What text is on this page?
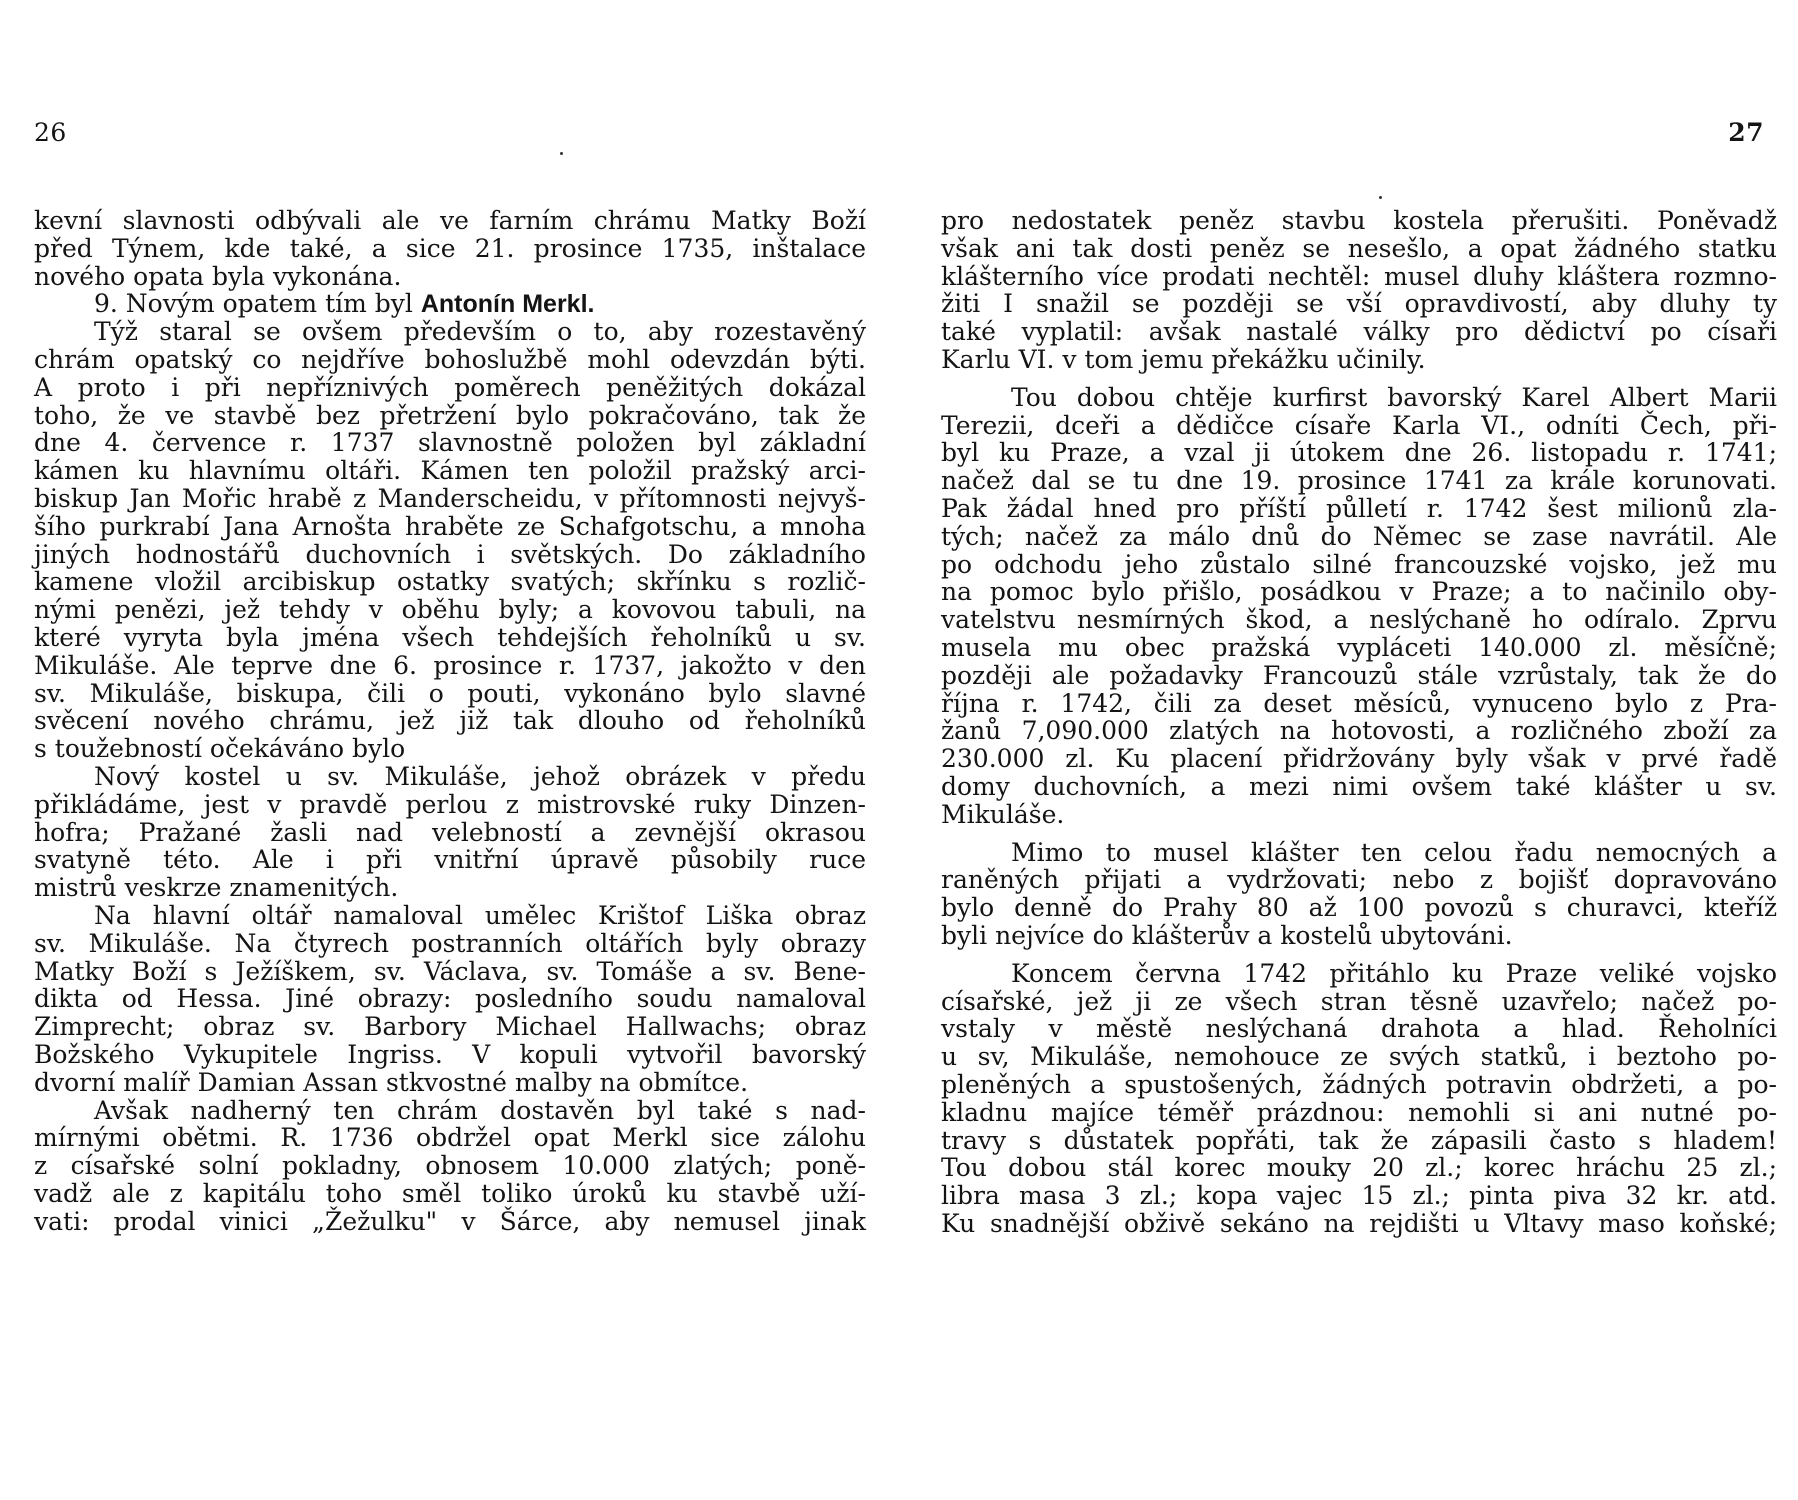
26
kevní slavnosti odbývali ale ve farním chrámu Matky Boží
před Týnem, kde také, a sice 21. prosince 1735, inštalace
nového opata byla vykonána.
9. Novým opatem tím byl Antonín Merkl.
Týž staral se ovšem především o to, aby rozestavěný
chrám opatský co nejdříve bohoslužbě mohl odevzdán býti.
A proto i při nepříznivých poměrech peněžitých dokázal
toho, že ve stavbě bez přetržení bylo pokračováno, tak že
dne 4. července r. 1737 slavnostně položen byl základní
kámen ku hlavnímu oltáři. Kámen ten položil pražský arci-
biskup Jan Mořic hrabě z Manderscheidu, v přítomnosti nejvyš-
šího purkrabí Jana Arnošta hraběte ze Schafgotschu, a mnoha
jiných hodnostářů duchovních i světských. Do základního
kamene vložil arcibiskup ostatky svatých; skřínku s rozlič-
nými penězi, jež tehdy v oběhu byly; a kovovou tabuli, na
které vyryta byla jména všech tehdejších řeholníků u sv.
Mikuláše. Ale teprve dne 6. prosince r. 1737, jakožto v den
sv. Mikuláše, biskupa, čili o pouti, vykonáno bylo slavné
svěcení nového chrámu, jež již tak dlouho od řeholníků
s toužebností očekáváno bylo
Nový kostel u sv. Mikuláše, jehož obrázek v předu
přikládáme, jest v pravdě perlou z mistrovské ruky Dinzen-
hofra; Pražané žasli nad velebností a zevnější okrasou
svatyně této. Ale i při vnitřní úpravě působily ruce
mistrů veskrze znamenitých.
Na hlavní oltář namaloval umělec Krištof Liška obraz
sv. Mikuláše. Na čtyrech postranních oltářích byly obrazy
Matky Boží s Ježíškem, sv. Václava, sv. Tomáše a sv. Bene-
dikta od Hessa. Jiné obrazy: posledního soudu namaloval
Zimprecht; obraz sv. Barbory Michael Hallwachs; obraz
Božského Vykupitele Ingriss. V kopuli vytvořil bavorský
dvorní malíř Damian Assan stkvostné malby na obmítce.
Avšak nadherný ten chrám dostavěn byl také s nad-
mírnými obětmi. R. 1736 obdržel opat Merkl sice zálohu
z císařské solní pokladny, obnosem 10.000 zlatých; poně-
vadž ale z kapitálu toho směl toliko úroků ku stavbě uží-
vati: prodal vinici „Žežulku" v Šárce, aby nemusel jinak
27
pro nedostatek peněz stavbu kostela přerušiti. Poněvadž
však ani tak dosti peněz se nesešlo, a opat žádného statku
klášterního více prodati nechtěl: musel dluhy kláštera rozmno-
žiti I snažil se později se vší opravdivostí, aby dluhy ty
také vyplatil: avšak nastalé války pro dědictví po císaři
Karlu VI. v tom jemu překážku učinily.
Tou dobou chtěje kurfirst bavorský Karel Albert Marii
Terezii, dceři a dědičce císaře Karla VI., odníti Čech, při-
byl ku Praze, a vzal ji útokem dne 26. listopadu r. 1741;
načež dal se tu dne 19. prosince 1741 za krále korunovati.
Pak žádal hned pro příští půlletí r. 1742 šest milionů zla-
tých; načež za málo dnů do Němec se zase navrátil. Ale
po odchodu jeho zůstalo silné francouzské vojsko, jež mu
na pomoc bylo přišlo, posádkou v Praze; a to načinilo oby-
vatelstvu nesmírných škod, a neslýchaně ho odíralo. Zprvu
musela mu obec pražská vypláceti 140.000 zl. měsíčně;
později ale požadavky Francouzů stále vzrůstaly, tak že do
října r. 1742, čili za deset měsíců, vynuceno bylo z Pra-
žanů 7,090.000 zlatých na hotovosti, a rozličného zboží za
230.000 zl. Ku placení přidržovány byly však v prvé řadě
domy duchovních, a mezi nimi ovšem také klášter u sv.
Mikuláše.
Mimo to musel klášter ten celou řadu nemocných a
raněných přijati a vydržovati; nebo z bojišť dopravováno
bylo denně do Prahy 80 až 100 povozů s churavci, kteříž
byli nejvíce do klášterův a kostelů ubytováni.
Koncem června 1742 přitáhlo ku Praze veliké vojsko
císařské, jež ji ze všech stran těsně uzavřelo; načež po-
vstaly v městě neslýchaná drahota a hlad. Řeholníci
u sv, Mikuláše, nemohouce ze svých statků, i beztoho po-
pleněných a spustošených, žádných potravin obdržeti, a po-
kladnu majíce téměř prázdnou: nemohli si ani nutné po-
travy s důstatek popřáti, tak že zápasili často s hladem!
Tou dobou stál korec mouky 20 zl.; korec hráchu 25 zl.;
libra masa 3 zl.; kopa vajec 15 zl.; pinta piva 32 kr. atd.
Ku snadnější obživě sekáno na rejdišti u Vltavy maso koňské;
